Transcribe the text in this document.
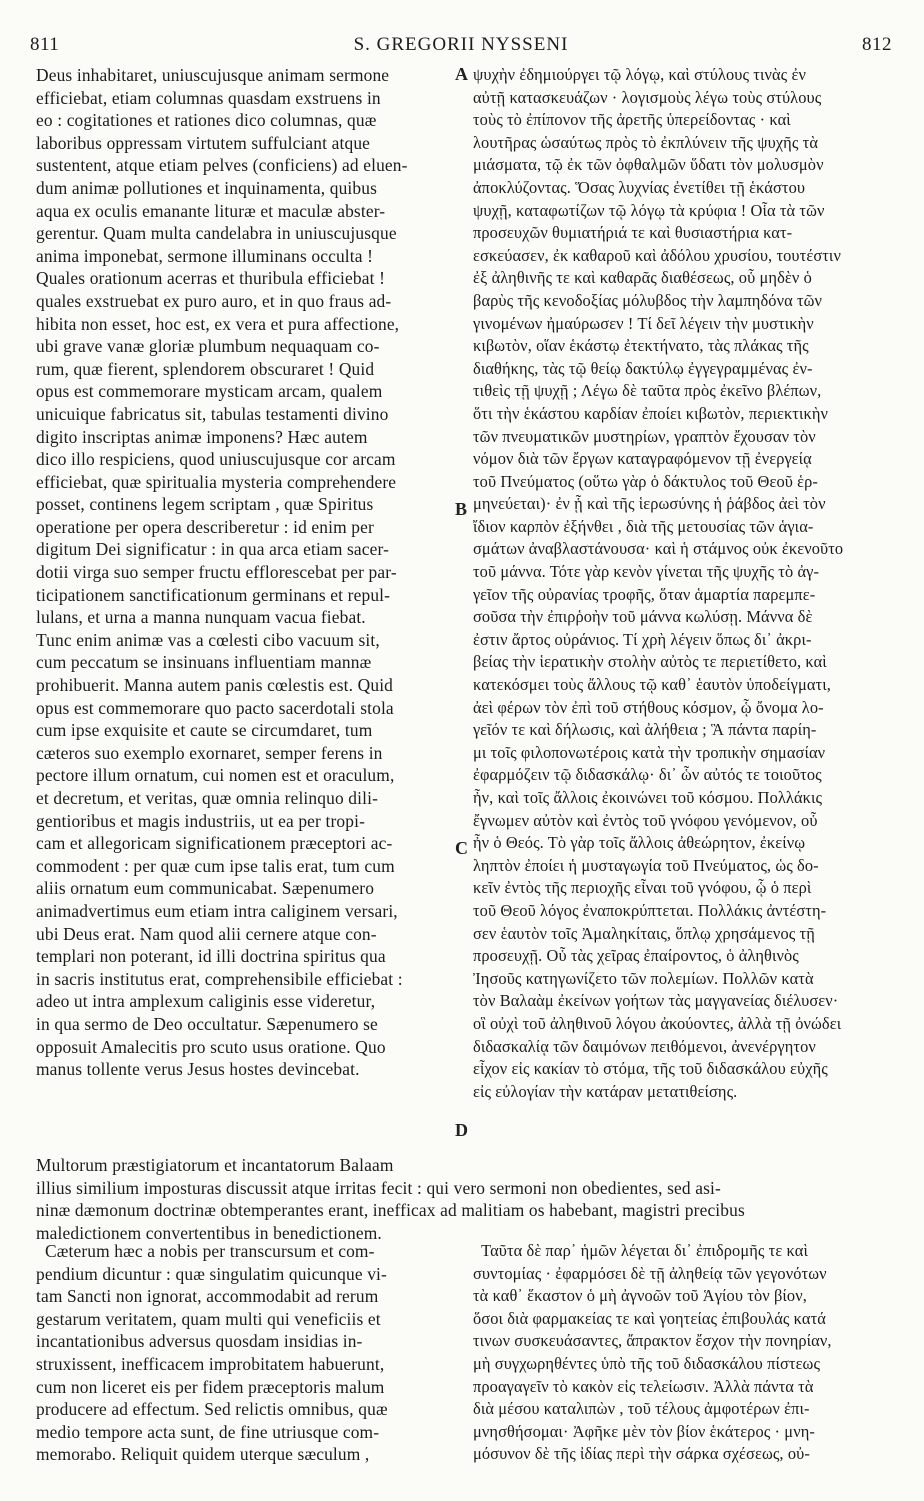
811	S. GREGORII NYSSENI	812
Deus inhabitaret, uniuscujusque animam sermone
efficiebat, etiam columnas quasdam exstruens in
eo : cogitationes et rationes dico columnas, quæ
laboribus oppressam virtutem suffulciant atque
sustentent, atque etiam pelves (conficiens) ad eluen-
dum animæ pollutiones et inquinamenta, quibus
aqua ex oculis emanante lituræ et maculæ abster-
gerentur. Quam multa candelabra in uniuscujusque
anima imponebat, sermone illuminans occulta !
Quales orationum acerras et thuribula efficiebat !
quales exstruebat ex puro auro, et in quo fraus ad-
hibita non esset, hoc est, ex vera et pura affectione,
ubi grave vanæ gloriæ plumbum nequaquam co-
rum, quæ fierent, splendorem obscuraret ! Quid
opus est commemorare mysticam arcam, qualem
unicuique fabricatus sit, tabulas testamenti divino
digito inscriptas animæ imponens? Hæc autem
dico illo respiciens, quod uniuscujusque cor arcam
efficiebat, quæ spiritualia mysteria comprehendere
posset, continens legem scriptam , quæ Spiritus
operatione per opera describeretur : id enim per
digitum Dei significatur : in qua arca etiam sacer-
dotii virga suo semper fructu efflorescebat per par-
ticipationem sanctificationum germinans et repul-
lulans, et urna a manna nunquam vacua fiebat.
Tunc enim animæ vas a cœlesti cibo vacuum sit,
cum peccatum se insinuans influentiam mannæ
prohibuerit. Manna autem panis cœlestis est. Quid
opus est commemorare quo pacto sacerdotali stola
cum ipse exquisite et caute se circumdaret, tum
cæteros suo exemplo exornaret, semper ferens in
pectore illum ornatum, cui nomen est et oraculum,
et decretum, et veritas, quæ omnia relinquo dili-
gentioribus et magis industriis, ut ea per tropi-
cam et allegoricam significationem præceptori ac-
commodent : per quæ cum ipse talis erat, tum cum
aliis ornatum eum communicabat. Sæpenumero
animadvertimus eum etiam intra caliginem versari,
ubi Deus erat. Nam quod alii cernere atque con-
templari non poterant, id illi doctrina spiritus qua
in sacris institutus erat, comprehensibile efficiebat :
adeo ut intra amplexum caliginis esse videretur,
in qua sermo de Deo occultatur. Sæpenumero se
opposuit Amalecitis pro scuto usus oratione. Quo
manus tollente verus Jesus hostes devincebat.
ψυχὴν ἐδημιούργει τῷ λόγῳ, καὶ στύλους τινὰς ἐν
αὐτῇ κατασκευάζων · λογισμοὺς λέγω τοὺς στύλους
τοὺς τὸ ἐπίπονον τῆς ἀρετῆς ὑπερείδοντας · καὶ
λουτῆρας ὡσαύτως πρὸς τὸ ἐκπλύνειν τῆς ψυχῆς τὰ
μιάσματα, τῷ ἐκ τῶν ὀφθαλμῶν ὕδατι τὸν μολυσμὸν
ἀποκλύζοντας. Ὅσας λυχνίας ἐνετίθει τῇ ἑκάστου
ψυχῇ, καταφωτίζων τῷ λόγῳ τὰ κρύφια ! Οἷα τὰ τῶν
προσευχῶν θυμιατήριά τε καὶ θυσιαστήρια κατ-
εσκεύασεν, ἐκ καθαροῦ καὶ ἀδόλου χρυσίου, τουτέστιν
ἐξ ἀληθινῆς τε καὶ καθαρᾶς διαθέσεως, οὗ μηδὲν ὁ
βαρὺς τῆς κενοδοξίας μόλυβδος τὴν λαμπηδόνα τῶν
γινομένων ἠμαύρωσεν ! Τί δεῖ λέγειν τὴν μυστικὴν
κιβωτὸν, οἵαν ἑκάστῳ ἐτεκτήνατο, τὰς πλάκας τῆς
διαθήκης, τὰς τῷ θείῳ δακτύλῳ ἐγγεγραμμένας ἐν-
τιθεὶς τῇ ψυχῇ ; Λέγω δὲ ταῦτα πρὸς ἐκεῖνο βλέπων,
ὅτι τὴν ἑκάστου καρδίαν ἐποίει κιβωτὸν, περιεκτικὴν
τῶν πνευματικῶν μυστηρίων, γραπτὸν ἔχουσαν τὸν
νόμον διὰ τῶν ἔργων καταγραφόμενον τῇ ἐνεργείᾳ
τοῦ Πνεύματος (οὕτω γὰρ ὁ δάκτυλος τοῦ Θεοῦ ἑρ-
μηνεύεται)· ἐν ᾗ καὶ τῆς ἱερωσύνης ἡ ῥάβδος ἀεὶ τὸν
ἴδιον καρπὸν ἐξήνθει , διὰ τῆς μετουσίας τῶν ἁγια-
σμάτων ἀναβλαστάνουσα· καὶ ἡ στάμνος οὐκ ἐκενοῦτο
τοῦ μάννα. Τότε γὰρ κενὸν γίνεται τῆς ψυχῆς τὸ ἀγ-
γεῖον τῆς οὐρανίας τροφῆς, ὅταν ἁμαρτία παρεμπε-
σοῦσα τὴν ἐπιρῥοὴν τοῦ μάννα κωλύσῃ. Μάννα δὲ
ἐστιν ἄρτος οὐράνιος. Τί χρὴ λέγειν ὅπως δι᾽ ἀκρι-
βείας τὴν ἱερατικὴν στολὴν αὐτὸς τε περιετίθετο, καὶ
κατεκόσμει τοὺς ἄλλους τῷ καθ᾽ ἑαυτὸν ὑποδείγματι,
ἀεὶ φέρων τὸν ἐπὶ τοῦ στήθους κόσμον, ᾧ ὄνομα λο-
γεῖόν τε καὶ δήλωσις, καὶ ἀλήθεια ; Ἃ πάντα παρίη-
μι τοῖς φιλοπονωτέροις κατὰ τὴν τροπικὴν σημασίαν
ἐφαρμόζειν τῷ διδασκάλῳ· δι᾽ ὧν αὐτός τε τοιοῦτος
ἦν, καὶ τοῖς ἄλλοις ἐκοινώνει τοῦ κόσμου. Πολλάκις
ἔγνωμεν αὐτὸν καὶ ἐντὸς τοῦ γνόφου γενόμενον, οὗ
ἦν ὁ Θεός. Τὸ γὰρ τοῖς ἄλλοις ἀθεώρητον, ἐκείνῳ
ληπτὸν ἐποίει ἡ μυσταγωγία τοῦ Πνεύματος, ὡς δο-
κεῖν ἐντὸς τῆς περιοχῆς εἶναι τοῦ γνόφου, ᾧ ὁ περὶ
τοῦ Θεοῦ λόγος ἐναποκρύπτεται. Πολλάκις ἀντέστη-
σεν ἑαυτὸν τοῖς Ἀμαληκίταις, ὅπλῳ χρησάμενος τῇ
προσευχῇ. Οὗ τὰς χεῖρας ἐπαίροντος, ὁ ἀληθινὸς
Ἰησοῦς κατηγωνίζετο τῶν πολεμίων. Πολλῶν κατὰ
τὸν Βαλαὰμ ἐκείνων γοήτων τὰς μαγγανείας διέλυσεν·
οἳ οὐχὶ τοῦ ἀληθινοῦ λόγου ἀκούοντες, ἀλλὰ τῇ ὀνώδει
διδασκαλίᾳ τῶν δαιμόνων πειθόμενοι, ἀνενέργητον
εἶχον εἰς κακίαν τὸ στόμα, τῆς τοῦ διδασκάλου εὐχῆς
εἰς εὐλογίαν τὴν κατάραν μετατιθείσης.
A
B
C
D
Multorum præstigiatorum et incantatorum Balaam
illius similium imposturas discussit atque irritas fecit : qui vero sermoni non obedientes, sed asi-
ninæ dæmonum doctrinæ obtemperantes erant, inefficax ad malitiam os habebant, magistri precibus
maledictionem convertentibus in benedictionem.
Cæterum hæc a nobis per transcursum et com-
pendium dicuntur : quæ singulatim quicunque vi-
tam Sancti non ignorat, accommodabit ad rerum
gestarum veritatem, quam multi qui veneficiis et
incantationibus adversus quosdam insidias in-
struxissent, inefficacem improbitatem habuerunt,
cum non liceret eis per fidem præceptoris malum
producere ad effectum. Sed relictis omnibus, quæ
medio tempore acta sunt, de fine utriusque com-
memorabo. Reliquit quidem uterque sæculum ,
Ταῦτα δὲ παρ᾽ ἡμῶν λέγεται δι᾽ ἐπιδρομῆς τε καὶ
συντομίας · ἐφαρμόσει δὲ τῇ ἀληθείᾳ τῶν γεγονότων
τὰ καθ᾽ ἕκαστον ὁ μὴ ἀγνοῶν τοῦ Ἁγίου τὸν βίον,
ὅσοι διὰ φαρμακείας τε καὶ γοητείας ἐπιβουλάς κατά
τινων συσκευάσαντες, ἄπρακτον ἔσχον τὴν πονηρίαν,
μὴ συγχωρηθέντες ὑπὸ τῆς τοῦ διδασκάλου πίστεως
προαγαγεῖν τὸ κακὸν εἰς τελείωσιν. Ἀλλὰ πάντα τὰ
διὰ μέσου καταλιπὼν , τοῦ τέλους ἀμφοτέρων ἐπι-
μνησθήσομαι· Ἀφῆκε μὲν τὸν βίον ἑκάτερος · μνη-
μόσυνον δὲ τῆς ἰδίας περὶ τὴν σάρκα σχέσεως, οὐ-
